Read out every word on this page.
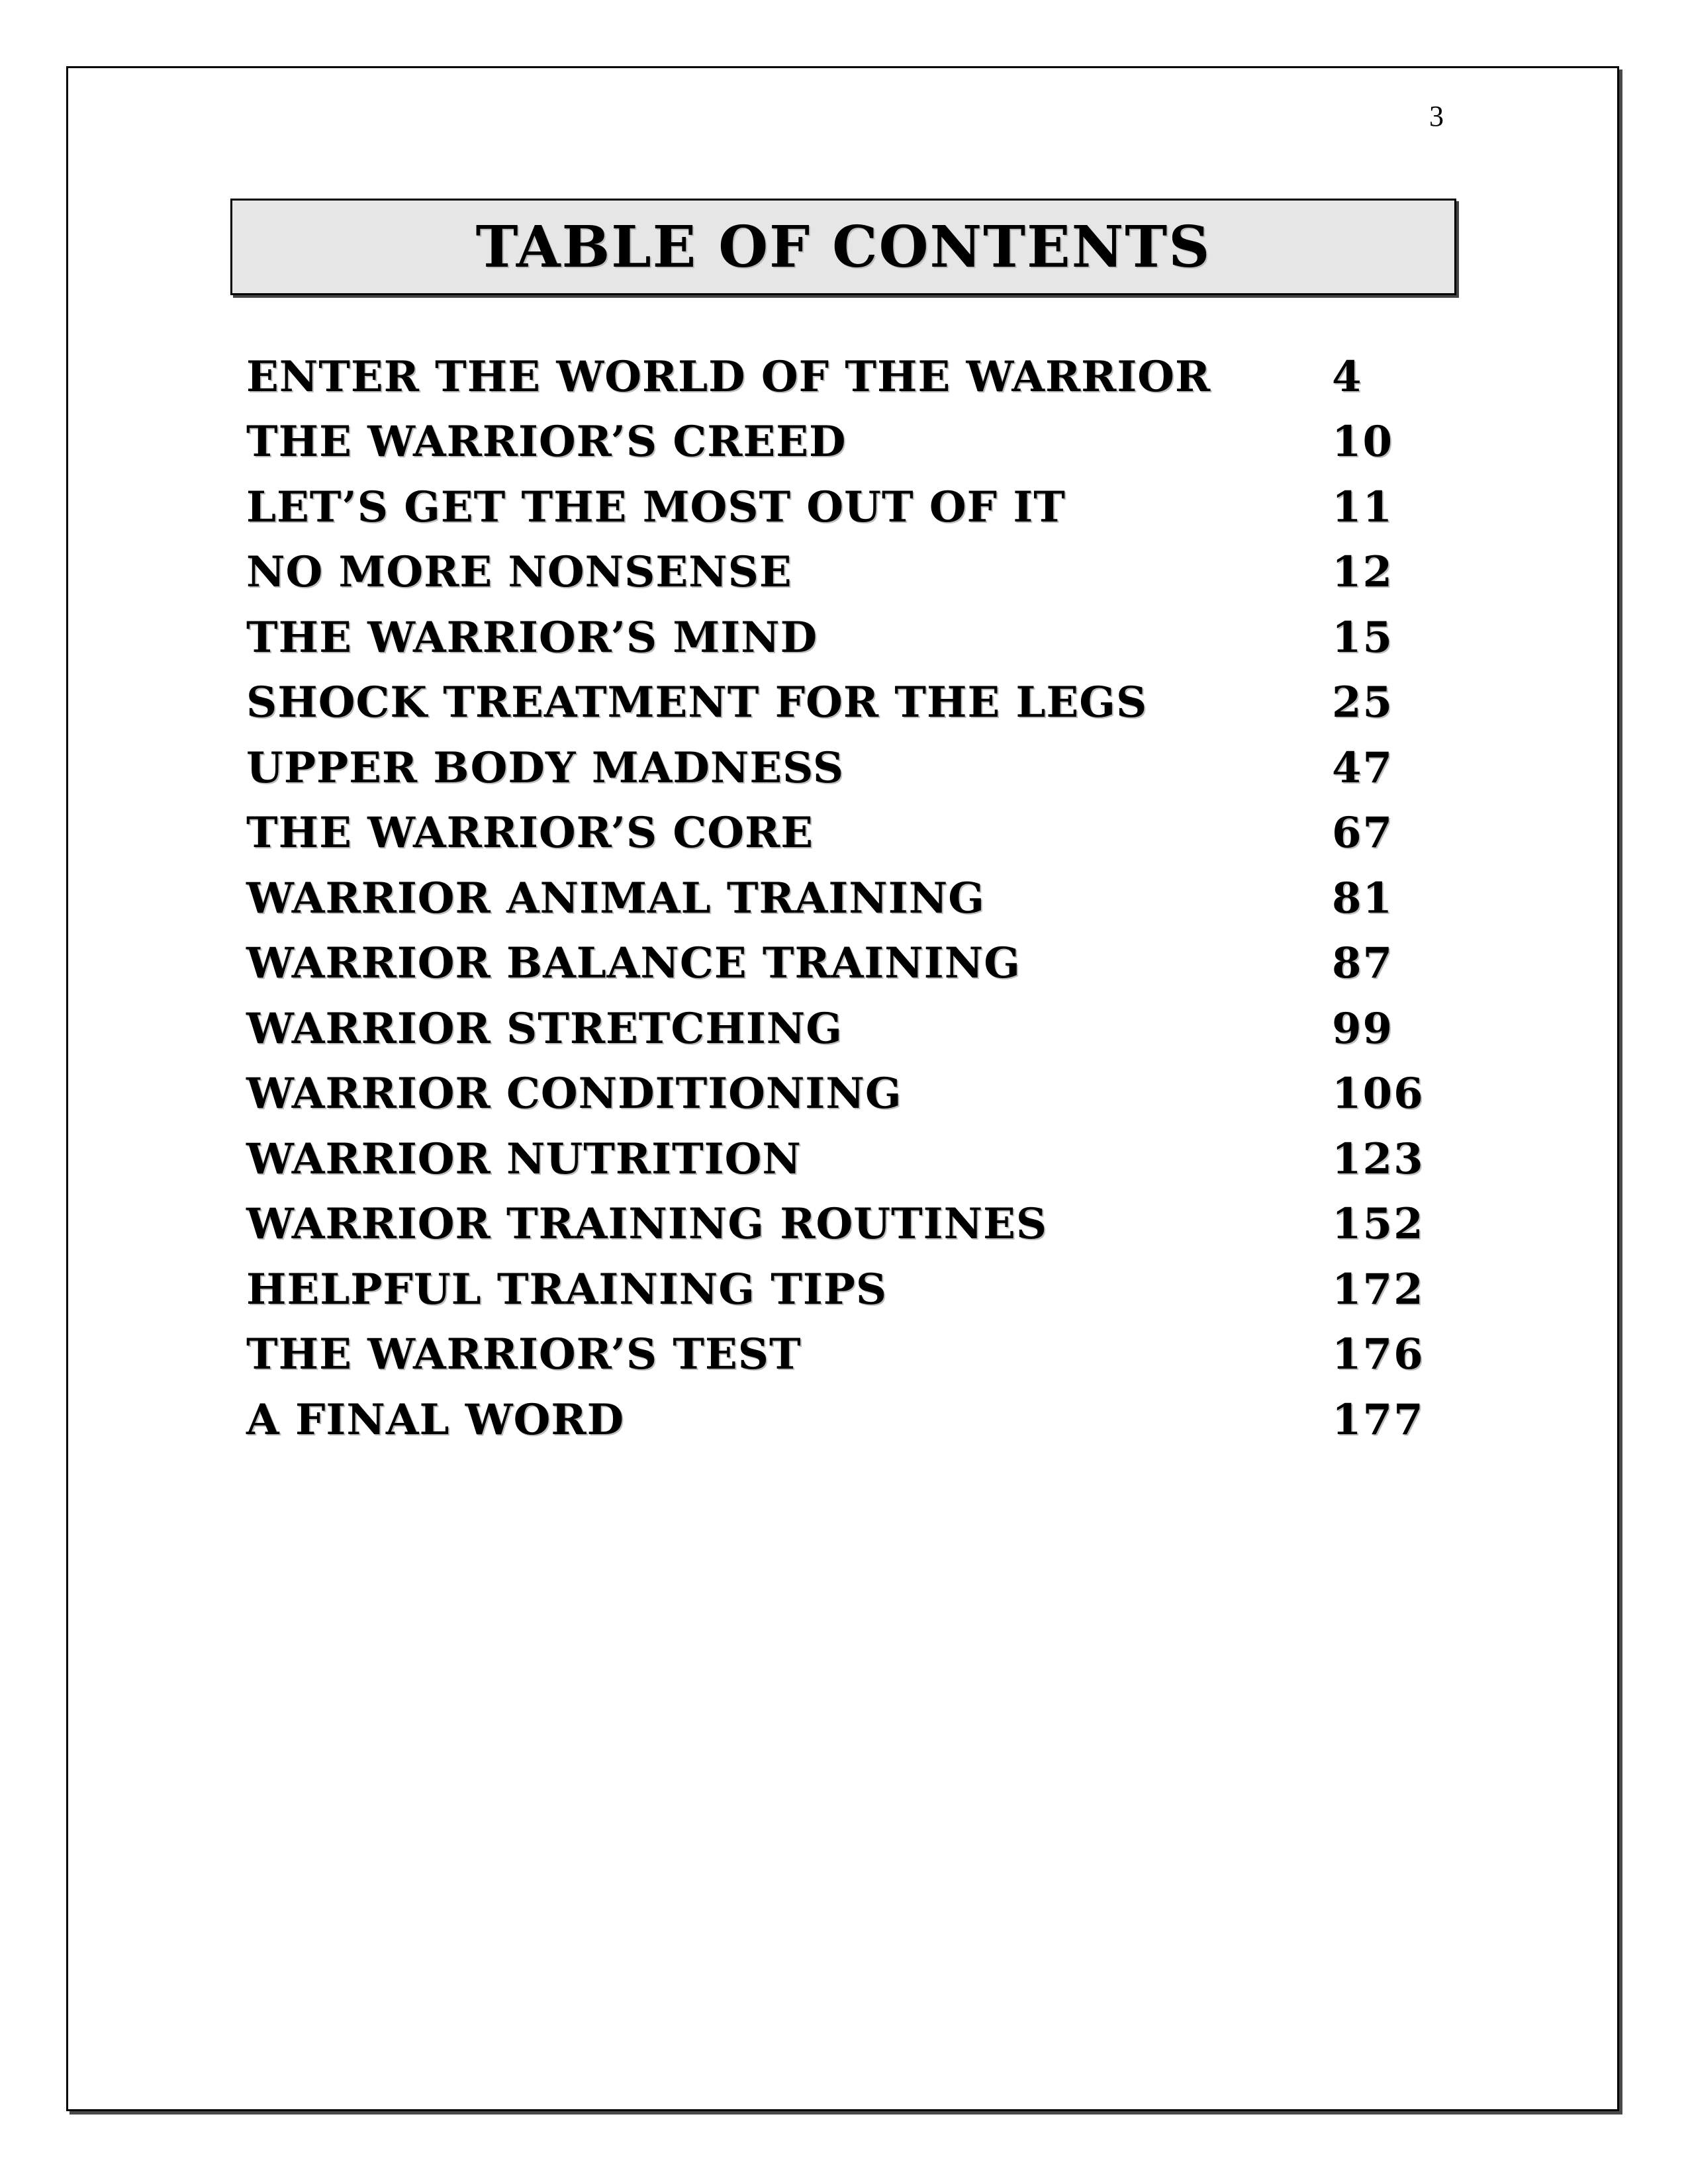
3
TABLE OF CONTENTS
ENTER THE WORLD OF THE WARRIOR	4
THE WARRIOR’S CREED	10
LET’S GET THE MOST OUT OF IT	11
NO MORE NONSENSE	12
THE WARRIOR’S MIND	15
SHOCK TREATMENT FOR THE LEGS	25
UPPER BODY MADNESS	47
THE WARRIOR’S CORE	67
WARRIOR ANIMAL TRAINING	81
WARRIOR BALANCE TRAINING	87
WARRIOR STRETCHING	99
WARRIOR CONDITIONING	106
WARRIOR NUTRITION	123
WARRIOR TRAINING ROUTINES	152
HELPFUL TRAINING TIPS	172
THE WARRIOR’S TEST	176
A FINAL WORD	177
